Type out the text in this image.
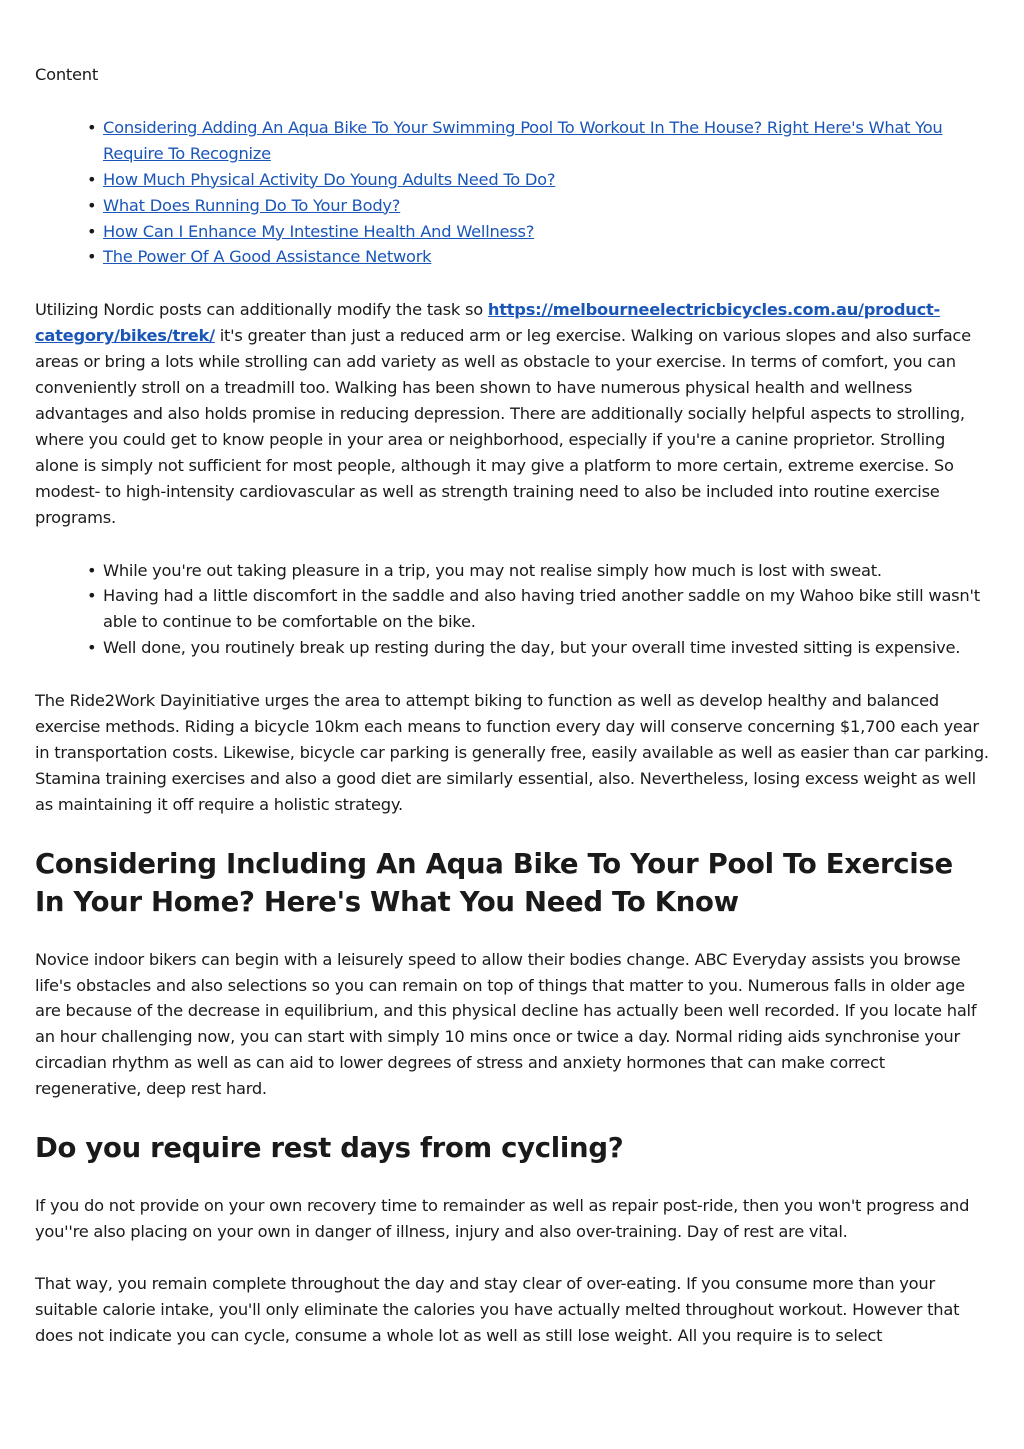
Content

• Considering Adding An Aqua Bike To Your Swimming Pool To Workout In The House? Right Here's What You Require To Recognize
• How Much Physical Activity Do Young Adults Need To Do?
• What Does Running Do To Your Body?
• How Can I Enhance My Intestine Health And Wellness?
• The Power Of A Good Assistance Network

Utilizing Nordic posts can additionally modify the task so https://melbourneelectricbicycles.com.au/product-category/bikes/trek/ it's greater than just a reduced arm or leg exercise. Walking on various slopes and also surface areas or bring a lots while strolling can add variety as well as obstacle to your exercise. In terms of comfort, you can conveniently stroll on a treadmill too. Walking has been shown to have numerous physical health and wellness advantages and also holds promise in reducing depression. There are additionally socially helpful aspects to strolling, where you could get to know people in your area or neighborhood, especially if you're a canine proprietor. Strolling alone is simply not sufficient for most people, although it may give a platform to more certain, extreme exercise. So modest- to high-intensity cardiovascular as well as strength training need to also be included into routine exercise programs.

• While you're out taking pleasure in a trip, you may not realise simply how much is lost with sweat.
• Having had a little discomfort in the saddle and also having tried another saddle on my Wahoo bike still wasn't able to continue to be comfortable on the bike.
• Well done, you routinely break up resting during the day, but your overall time invested sitting is expensive.

The Ride2Work Dayinitiative urges the area to attempt biking to function as well as develop healthy and balanced exercise methods. Riding a bicycle 10km each means to function every day will conserve concerning $1,700 each year in transportation costs. Likewise, bicycle car parking is generally free, easily available as well as easier than car parking. Stamina training exercises and also a good diet are similarly essential, also. Nevertheless, losing excess weight as well as maintaining it off require a holistic strategy.

Considering Including An Aqua Bike To Your Pool To Exercise In Your Home? Here's What You Need To Know

Novice indoor bikers can begin with a leisurely speed to allow their bodies change. ABC Everyday assists you browse life's obstacles and also selections so you can remain on top of things that matter to you. Numerous falls in older age are because of the decrease in equilibrium, and this physical decline has actually been well recorded. If you locate half an hour challenging now, you can start with simply 10 mins once or twice a day. Normal riding aids synchronise your circadian rhythm as well as can aid to lower degrees of stress and anxiety hormones that can make correct regenerative, deep rest hard.

Do you require rest days from cycling?

If you do not provide on your own recovery time to remainder as well as repair post-ride, then you won't progress and you''re also placing on your own in danger of illness, injury and also over-training. Day of rest are vital.

That way, you remain complete throughout the day and stay clear of over-eating. If you consume more than your suitable calorie intake, you'll only eliminate the calories you have actually melted throughout workout. However that does not indicate you can cycle, consume a whole lot as well as still lose weight. All you require is to select
